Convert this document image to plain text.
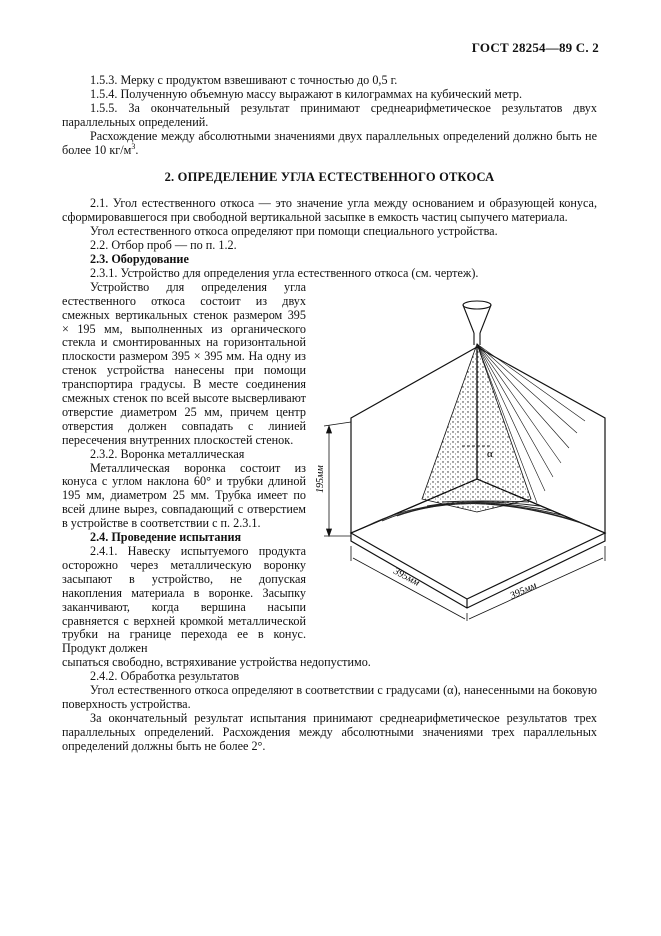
ГОСТ 28254—89 С. 2

1.5.3. Мерку с продуктом взвешивают с точностью до 0,5 г.

1.5.4. Полученную объемную массу выражают в килограммах на кубический метр.

1.5.5. За окончательный результат принимают среднеарифметическое результатов двух параллельных определений.

Расхождение между абсолютными значениями двух параллельных определений должно быть не более 10 $кг/м^3$.

2. ОПРЕДЕЛЕНИЕ УГЛА ЕСТЕСТВЕННОГО ОТКОСА

2.1. Угол естественного откоса — это значение угла между основанием и образующей конуса, сформировавшегося при свободной вертикальной засыпке в емкость частиц сыпучего материала.

Угол естественного откоса определяют при помощи специального устройства.

2.2. Отбор проб — по п. 1.2.

2.3. Оборудование

2.3.1. Устройство для определения угла естественного откоса (см. чертеж).

Устройство для определения угла естественного откоса состоит из двух смежных вертикальных стенок размером 395 × 195 мм, выполненных из органического стекла и смонтированных на горизонтальной плоскости размером 395 × 395 мм. На одну из стенок устройства нанесены при помощи транспортира градусы. В месте соединения смежных стенок по всей высоте высверливают отверстие диаметром 25 мм, причем центр отверстия должен совпадать с линией пересечения внутренних плоскостей стенок.

2.3.2. Воронка металлическая

Металлическая воронка состоит из конуса с углом наклона 60° и трубки длиной 195 мм, диаметром 25 мм. Трубка имеет по всей длине вырез, совпадающий с отверстием в устройстве в соответствии с п. 2.3.1.

2.4. Проведение испытания

2.4.1. Навеску испытуемого продукта осторожно через металлическую воронку засыпают в устройство, не допуская накопления материала в воронке. Засыпку заканчивают, когда вершина насыпи сравняется с верхней кромкой металлической трубки на границе перехода ее в конус. Продукт должен

195мм
395мм
395мм
α

сыпаться свободно, встряхивание устройства недопустимо.

2.4.2. Обработка результатов

Угол естественного откоса определяют в соответствии с градусами (α), нанесенными на боковую поверхность устройства.

За окончательный результат испытания принимают среднеарифметическое результатов трех параллельных определений. Расхождения между абсолютными значениями трех параллельных определений должны быть не более 2°.
